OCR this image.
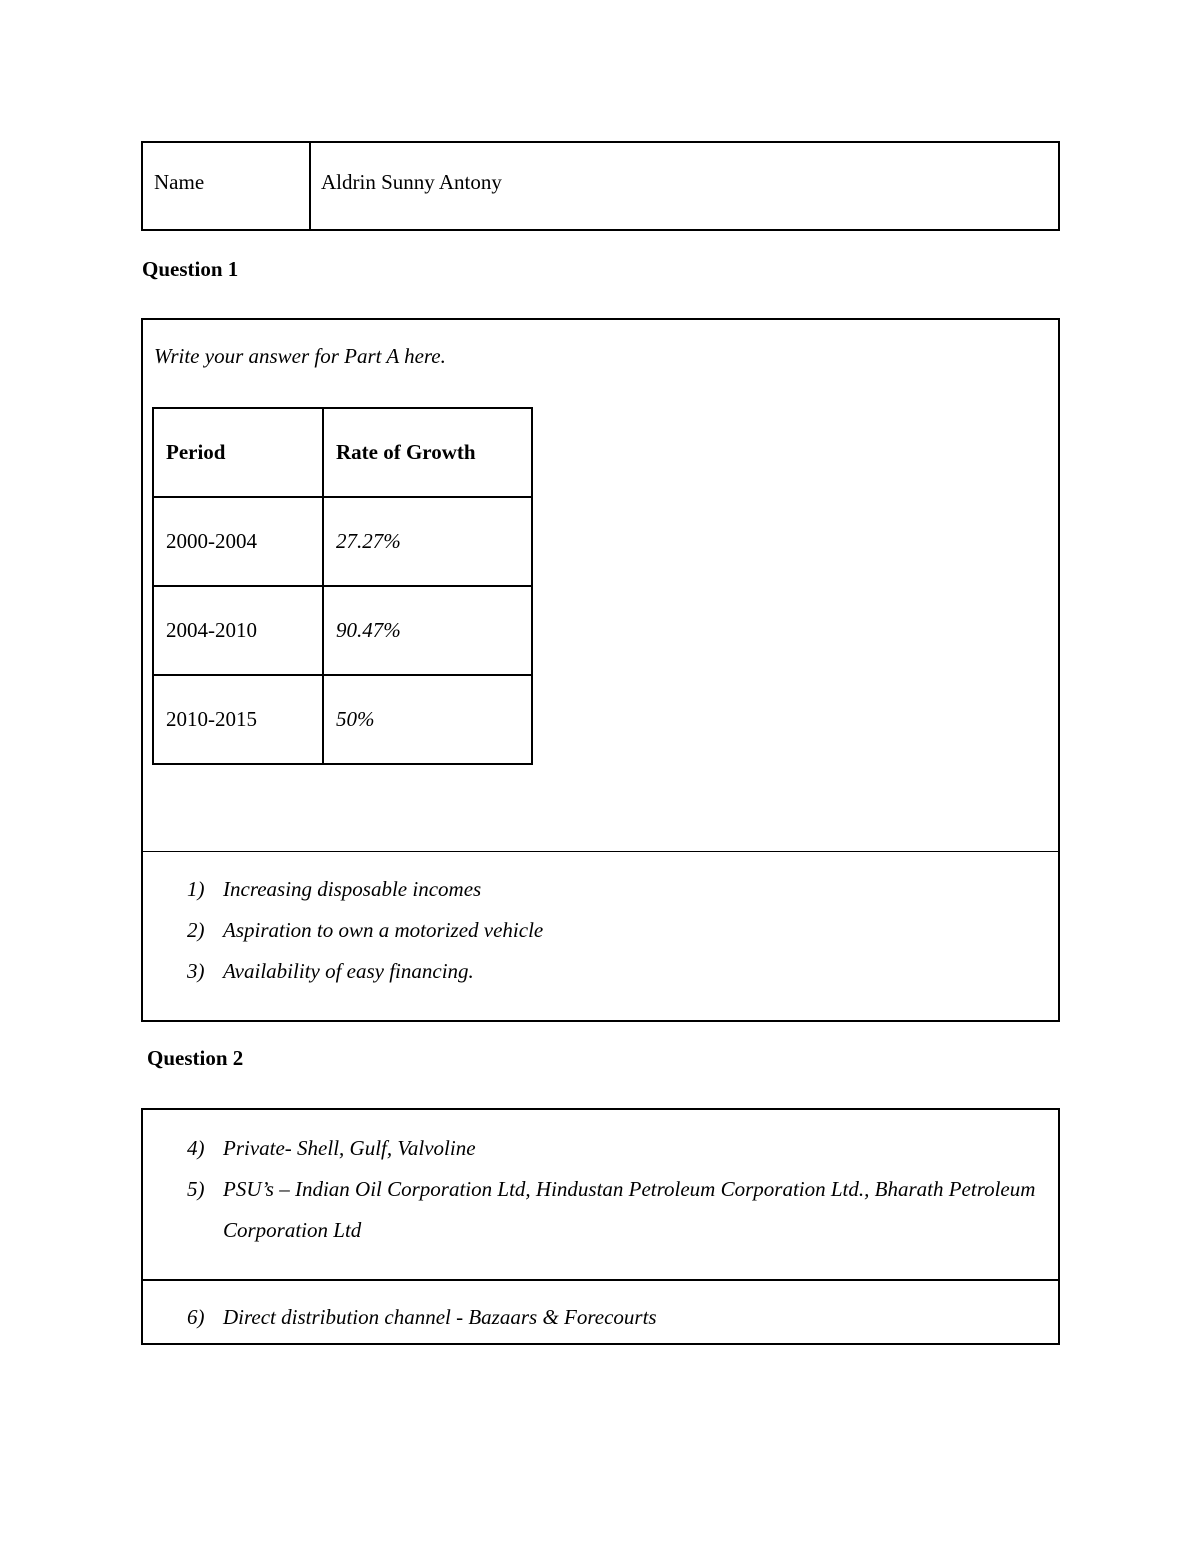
Name	Aldrin Sunny Antony
Question 1
Write your answer for Part A here.
Period	Rate of Growth
2000-2004	27.27%
2004-2010	90.47%
2010-2015	50%
1) Increasing disposable incomes
2) Aspiration to own a motorized vehicle
3) Availability of easy financing.
Question 2
4) Private- Shell, Gulf, Valvoline
5) PSU’s – Indian Oil Corporation Ltd, Hindustan Petroleum Corporation Ltd., Bharath Petroleum Corporation Ltd
6) Direct distribution channel - Bazaars & Forecourts
